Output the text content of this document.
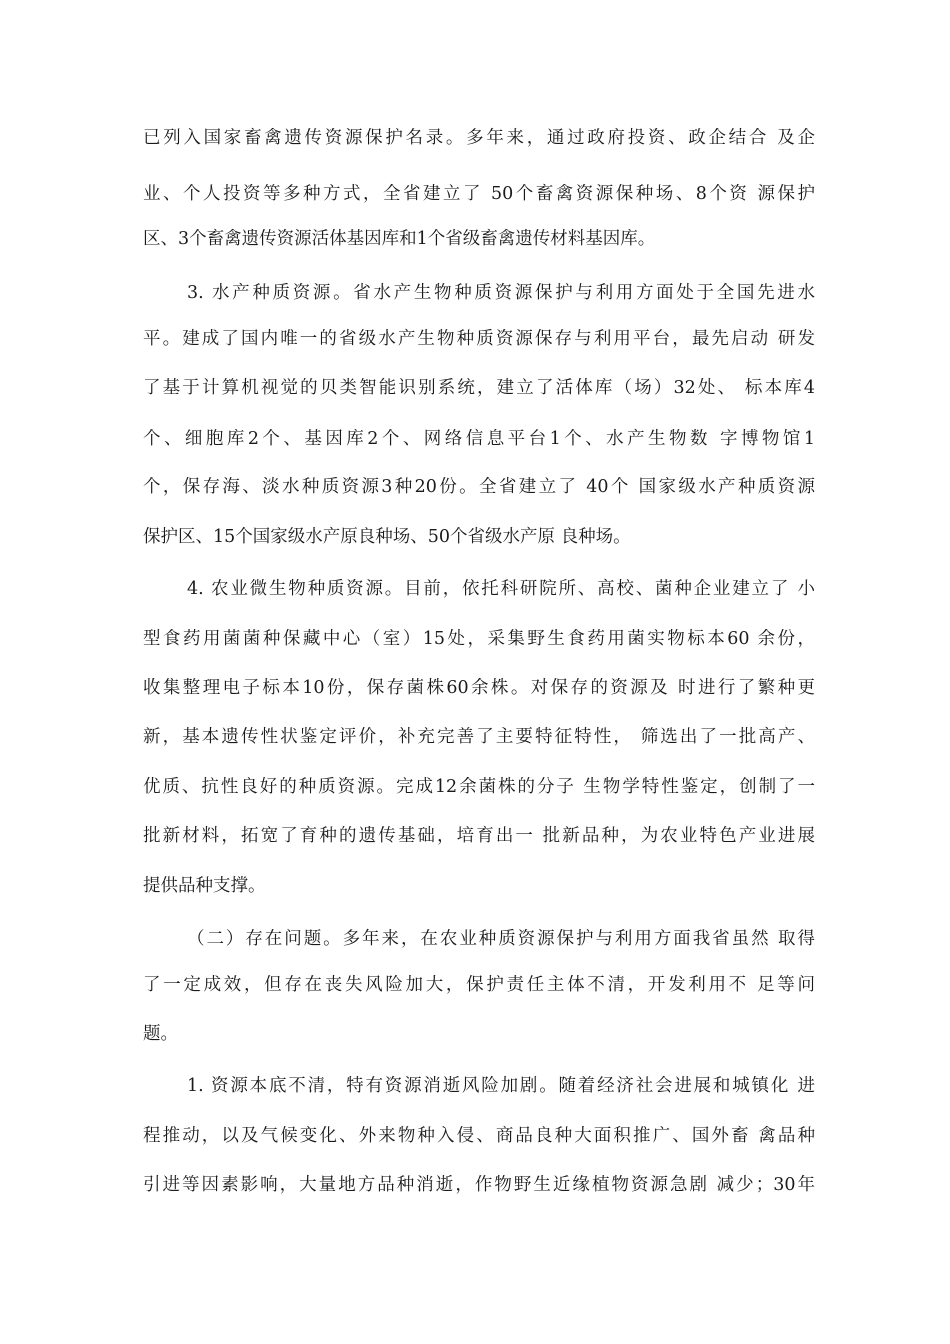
已列入国家畜禽遗传资源保护名录。多年来，通过政府投资、政企结合 及企
业、个人投资等多种方式，全省建立了 50个畜禽资源保种场、8个资 源保护
区、3个畜禽遗传资源活体基因库和1个省级畜禽遗传材料基因库。
3. 水产种质资源。省水产生物种质资源保护与利用方面处于全国先进水
平。建成了国内唯一的省级水产生物种质资源保存与利用平台，最先启动 研发
了基于计算机视觉的贝类智能识别系统，建立了活体库（场）32处、 标本库4
个、细胞库2个、基因库2个、网络信息平台1个、水产生物数 字博物馆1
个，保存海、淡水种质资源3种20份。全省建立了 40个 国家级水产种质资源
保护区、15个国家级水产原良种场、50个省级水产原 良种场。
4. 农业微生物种质资源。目前，依托科研院所、高校、菌种企业建立了 小
型食药用菌菌种保藏中心（室）15处，采集野生食药用菌实物标本60 余份，
收集整理电子标本10份，保存菌株60余株。对保存的资源及 时进行了繁种更
新，基本遗传性状鉴定评价，补充完善了主要特征特性， 筛选出了一批高产、
优质、抗性良好的种质资源。完成12余菌株的分子 生物学特性鉴定，创制了一
批新材料，拓宽了育种的遗传基础，培育出一 批新品种，为农业特色产业进展
提供品种支撑。
（二）存在问题。多年来，在农业种质资源保护与利用方面我省虽然 取得
了一定成效，但存在丧失风险加大，保护责任主体不清，开发利用不 足等问
题。
1. 资源本底不清，特有资源消逝风险加剧。随着经济社会进展和城镇化 进
程推动，以及气候变化、外来物种入侵、商品良种大面积推广、国外畜 禽品种
引进等因素影响，大量地方品种消逝，作物野生近缘植物资源急剧 减少；30年
